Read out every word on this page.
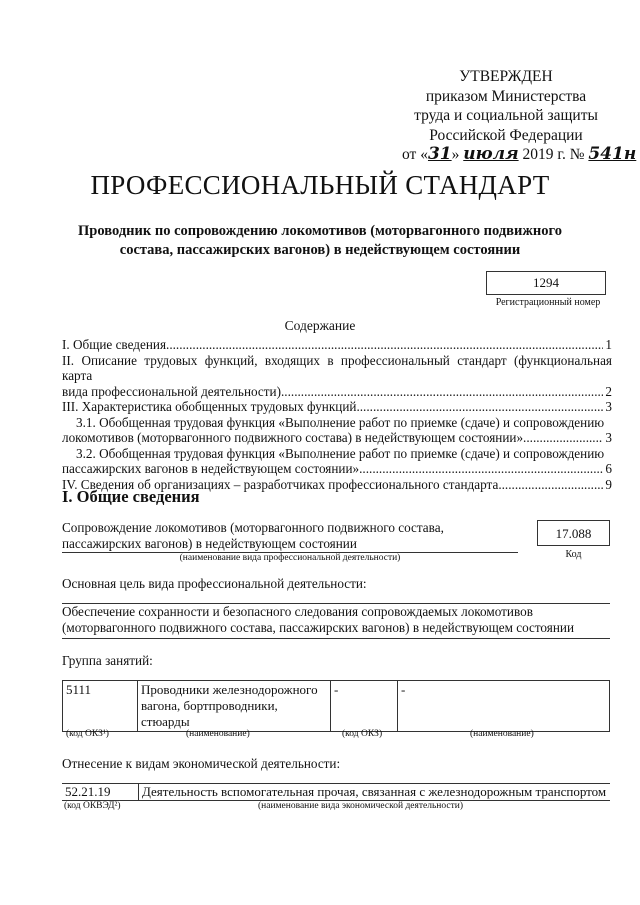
УТВЕРЖДЕН
приказом Министерства
труда и социальной защиты
Российской Федерации
от «31» июля 2019 г. № 541н
ПРОФЕССИОНАЛЬНЫЙ СТАНДАРТ
Проводник по сопровождению локомотивов (моторвагонного подвижного
состава, пассажирских вагонов) в недействующем состоянии
1294
Регистрационный номер
Содержание
I. Общие сведения .....	1
II. Описание трудовых функций, входящих в профессиональный стандарт (функциональная карта
вида профессиональной деятельности) .....	2
III. Характеристика обобщенных трудовых функций .....	3
3.1. Обобщенная трудовая функция «Выполнение работ по приемке (сдаче) и сопровождению
локомотивов (моторвагонного подвижного состава) в недействующем состоянии» .....	3
3.2. Обобщенная трудовая функция «Выполнение работ по приемке (сдаче) и сопровождению
пассажирских вагонов в недействующем состоянии» .....	6
IV. Сведения об организациях – разработчиках профессионального стандарта .....	9
I. Общие сведения
Сопровождение локомотивов (моторвагонного подвижного состава,
пассажирских вагонов) в недействующем состоянии
(наименование вида профессиональной деятельности)
17.088
Код
Основная цель вида профессиональной деятельности:
Обеспечение сохранности и безопасного следования сопровождаемых локомотивов
(моторвагонного подвижного состава, пассажирских вагонов) в недействующем состоянии
Группа занятий:
5111	Проводники железнодорожного вагона, бортпроводники, стюарды	-	-
(код ОКЗ¹)	(наименование)	(код ОКЗ)	(наименование)
Отнесение к видам экономической деятельности:
52.21.19	Деятельность вспомогательная прочая, связанная с железнодорожным транспортом
(код ОКВЭД²)	(наименование вида экономической деятельности)
